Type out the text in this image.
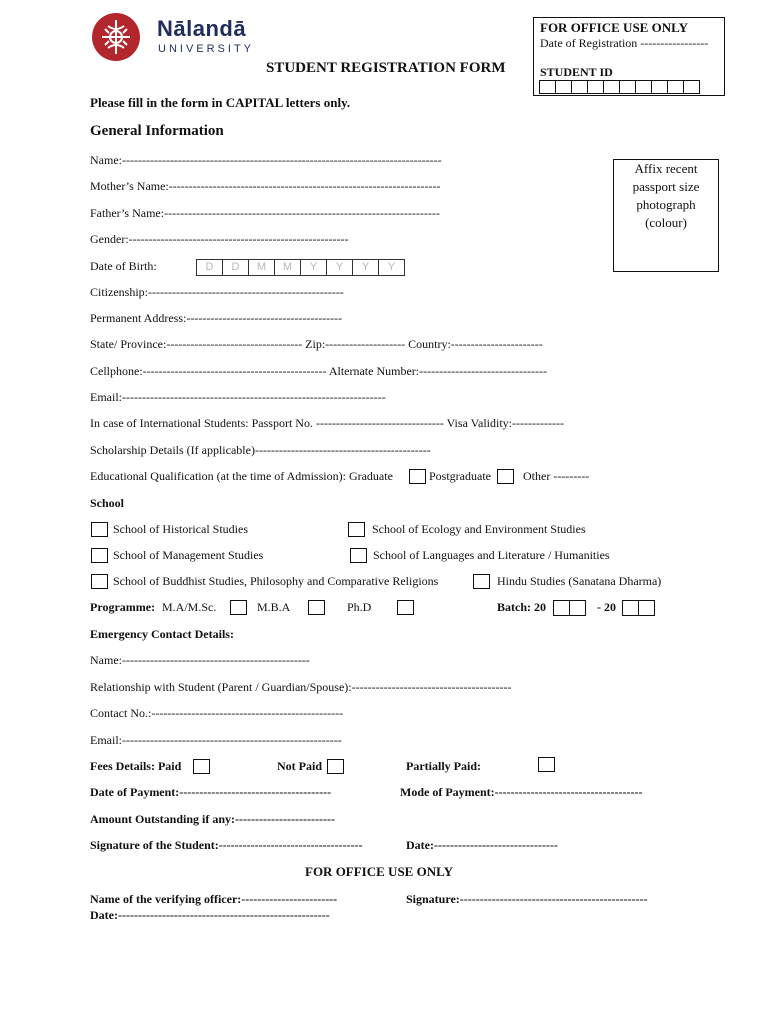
Nālandā
UNIVERSITY
STUDENT REGISTRATION FORM
FOR OFFICE USE ONLY
Date of Registration -----------------
STUDENT ID
Please fill in the form in CAPITAL letters only.
General Information
Affix recent
passport size
photograph
(colour)
Name:--------------------------------------------------------------------------------
Mother’s Name:--------------------------------------------------------------------
Father’s Name:---------------------------------------------------------------------
Gender:-------------------------------------------------------
Date of Birth:	D	D	M	M	Y	Y	Y	Y
Citizenship:-------------------------------------------------
Permanent Address:---------------------------------------
State/ Province:---------------------------------- Zip:-------------------- Country:-----------------------
Cellphone:---------------------------------------------- Alternate Number:--------------------------------
Email:------------------------------------------------------------------
In case of International Students: Passport No. -------------------------------- Visa Validity:-------------
Scholarship Details (If applicable)--------------------------------------------
Educational Qualification (at the time of Admission): Graduate	Postgraduate	Other ---------
School
School of Historical Studies	School of Ecology and Environment Studies
School of Management Studies	School of Languages and Literature / Humanities
School of Buddhist Studies, Philosophy and Comparative Religions	Hindu Studies (Sanatana Dharma)
Programme: M.A/M.Sc.	M.B.A	Ph.D	Batch: 20	- 20
Emergency Contact Details:
Name:-----------------------------------------------
Relationship with Student (Parent / Guardian/Spouse):----------------------------------------
Contact No.:------------------------------------------------
Email:-------------------------------------------------------
Fees Details: Paid	Not Paid	Partially Paid:
Date of Payment:--------------------------------------	Mode of Payment:-------------------------------------
Amount Outstanding if any:-------------------------
Signature of the Student:------------------------------------	Date:-------------------------------
FOR OFFICE USE ONLY
Name of the verifying officer:------------------------	Signature:-----------------------------------------------
Date:-----------------------------------------------------
